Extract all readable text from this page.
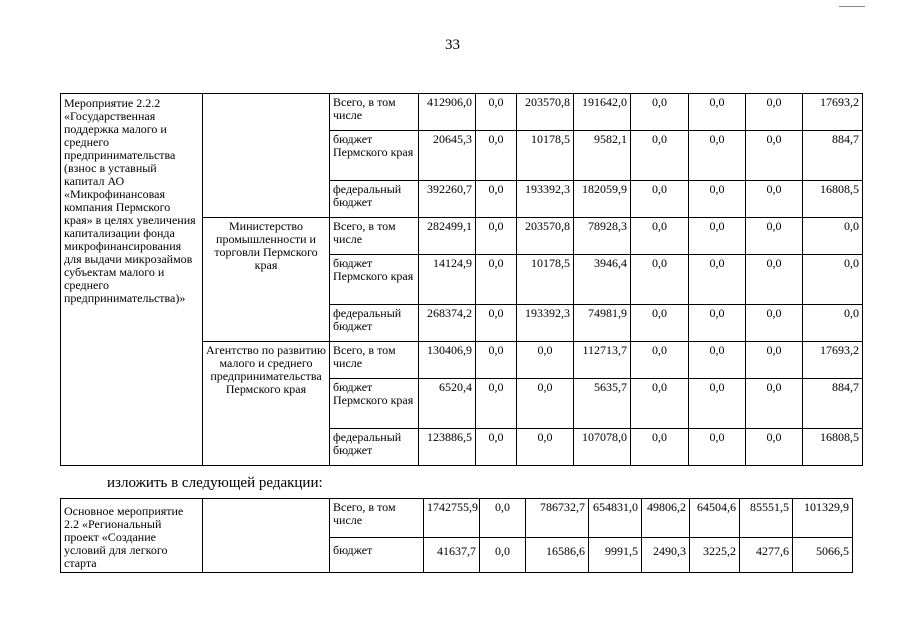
33
Мероприятие 2.2.2 «Государственная поддержка малого и среднего предпринимательства (взнос в уставный капитал АО «Микрофинансовая компания Пермского края» в целях увеличения капитализации фонда микрофинансирования для выдачи микрозаймов субъектам малого и среднего предпринимательства)»		Всего, в том числе	412906,0	0,0	203570,8	191642,0	0,0	0,0	0,0	17693,2
		бюджет Пермского края	20645,3	0,0	10178,5	9582,1	0,0	0,0	0,0	884,7
		федеральный бюджет	392260,7	0,0	193392,3	182059,9	0,0	0,0	0,0	16808,5
	Министерство промышленности и торговли Пермского края	Всего, в том числе	282499,1	0,0	203570,8	78928,3	0,0	0,0	0,0	0,0
		бюджет Пермского края	14124,9	0,0	10178,5	3946,4	0,0	0,0	0,0	0,0
		федеральный бюджет	268374,2	0,0	193392,3	74981,9	0,0	0,0	0,0	0,0
	Агентство по развитию малого и среднего предпринимательства Пермского края	Всего, в том числе	130406,9	0,0	0,0	112713,7	0,0	0,0	0,0	17693,2
		бюджет Пермского края	6520,4	0,0	0,0	5635,7	0,0	0,0	0,0	884,7
		федеральный бюджет	123886,5	0,0	0,0	107078,0	0,0	0,0	0,0	16808,5
изложить в следующей редакции:
Основное мероприятие 2.2 «Региональный проект «Создание условий для легкого старта		Всего, в том числе	1742755,9	0,0	786732,7	654831,0	49806,2	64504,6	85551,5	101329,9
		бюджет	41637,7	0,0	16586,6	9991,5	2490,3	3225,2	4277,6	5066,5
